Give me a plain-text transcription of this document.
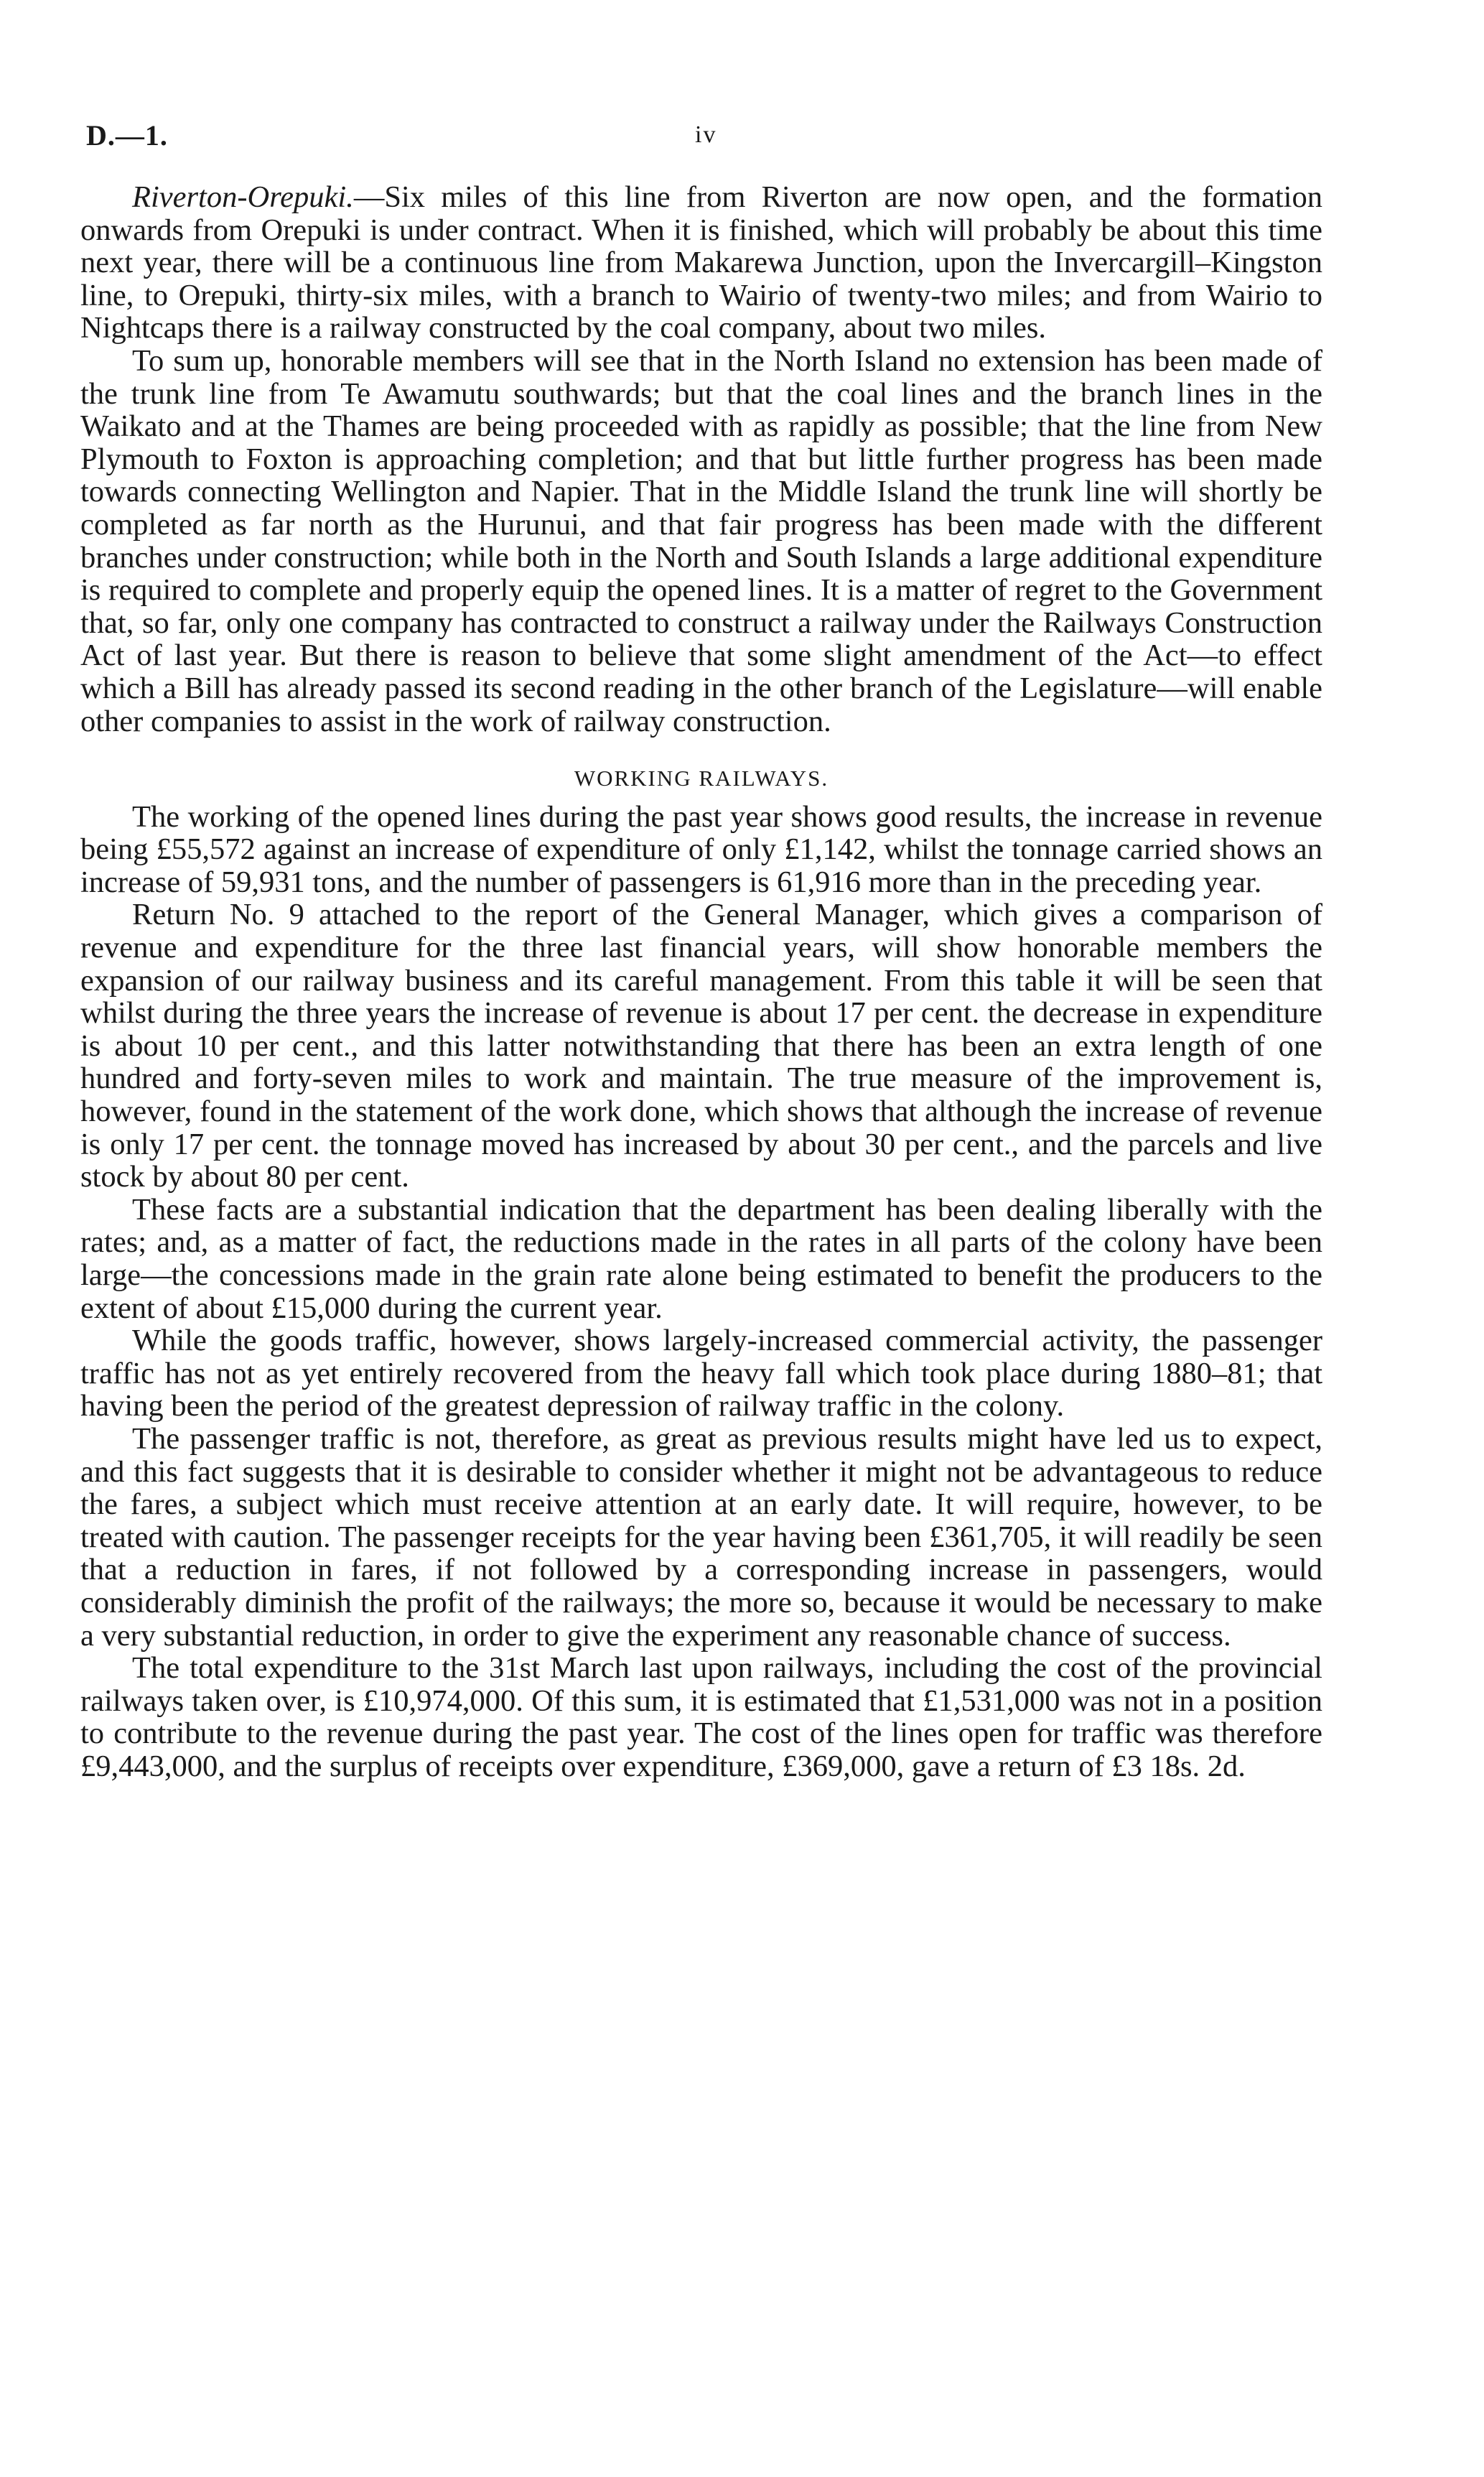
D.—1.	iv

Riverton-Orepuki.—Six miles of this line from Riverton are now open, and the formation onwards from Orepuki is under contract. When it is finished, which will probably be about this time next year, there will be a continuous line from Makarewa Junction, upon the Invercargill–Kingston line, to Orepuki, thirty-six miles, with a branch to Wairio of twenty-two miles; and from Wairio to Nightcaps there is a railway constructed by the coal company, about two miles.

To sum up, honorable members will see that in the North Island no extension has been made of the trunk line from Te Awamutu southwards; but that the coal lines and the branch lines in the Waikato and at the Thames are being proceeded with as rapidly as possible; that the line from New Plymouth to Foxton is approaching completion; and that but little further progress has been made towards connecting Wellington and Napier. That in the Middle Island the trunk line will shortly be completed as far north as the Hurunui, and that fair progress has been made with the different branches under construction; while both in the North and South Islands a large additional expenditure is required to complete and properly equip the opened lines. It is a matter of regret to the Government that, so far, only one company has contracted to construct a railway under the Railways Construction Act of last year. But there is reason to believe that some slight amendment of the Act—to effect which a Bill has already passed its second reading in the other branch of the Legislature—will enable other companies to assist in the work of railway construction.

WORKING RAILWAYS.

The working of the opened lines during the past year shows good results, the increase in revenue being £55,572 against an increase of expenditure of only £1,142, whilst the tonnage carried shows an increase of 59,931 tons, and the number of passengers is 61,916 more than in the preceding year.

Return No. 9 attached to the report of the General Manager, which gives a comparison of revenue and expenditure for the three last financial years, will show honorable members the expansion of our railway business and its careful management. From this table it will be seen that whilst during the three years the increase of revenue is about 17 per cent. the decrease in expenditure is about 10 per cent., and this latter notwithstanding that there has been an extra length of one hundred and forty-seven miles to work and maintain. The true measure of the improvement is, however, found in the statement of the work done, which shows that although the increase of revenue is only 17 per cent. the tonnage moved has increased by about 30 per cent., and the parcels and live stock by about 80 per cent.

These facts are a substantial indication that the department has been dealing liberally with the rates; and, as a matter of fact, the reductions made in the rates in all parts of the colony have been large—the concessions made in the grain rate alone being estimated to benefit the producers to the extent of about £15,000 during the current year.

While the goods traffic, however, shows largely-increased commercial activity, the passenger traffic has not as yet entirely recovered from the heavy fall which took place during 1880–81; that having been the period of the greatest depression of railway traffic in the colony.

The passenger traffic is not, therefore, as great as previous results might have led us to expect, and this fact suggests that it is desirable to consider whether it might not be advantageous to reduce the fares, a subject which must receive attention at an early date. It will require, however, to be treated with caution. The passenger receipts for the year having been £361,705, it will readily be seen that a reduction in fares, if not followed by a corresponding increase in passengers, would considerably diminish the profit of the railways; the more so, because it would be necessary to make a very substantial reduction, in order to give the experiment any reasonable chance of success.

The total expenditure to the 31st March last upon railways, including the cost of the provincial railways taken over, is £10,974,000. Of this sum, it is estimated that £1,531,000 was not in a position to contribute to the revenue during the past year. The cost of the lines open for traffic was therefore £9,443,000, and the surplus of receipts over expenditure, £369,000, gave a return of £3 18s. 2d.
